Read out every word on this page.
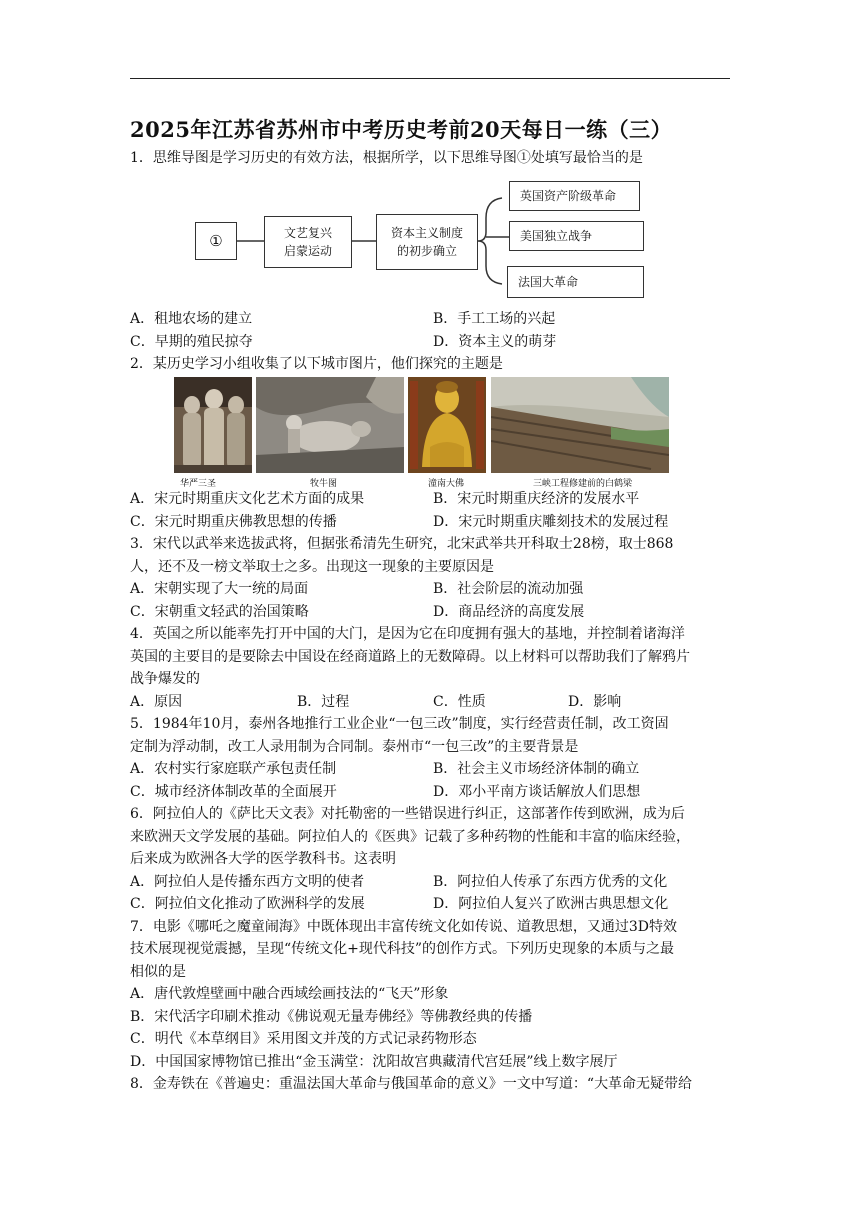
2025年江苏省苏州市中考历史考前20天每日一练（三）
1．思维导图是学习历史的有效方法，根据所学，以下思维导图①处填写最恰当的是
①	文艺复兴
启蒙运动
资本主义制度
的初步确立
英国资产阶级革命
美国独立战争
法国大革命
A．租地农场的建立	B．手工工场的兴起
C．早期的殖民掠夺	D．资本主义的萌芽
2．某历史学习小组收集了以下城市图片，他们探究的主题是
华严三圣	牧牛图	潼南大佛	三峡工程修建前的白鹤梁
A．宋元时期重庆文化艺术方面的成果	B．宋元时期重庆经济的发展水平
C．宋元时期重庆佛教思想的传播	D．宋元时期重庆雕刻技术的发展过程
3．宋代以武举来选拔武将，但据张希清先生研究，北宋武举共开科取士28榜，取士868
人，还不及一榜文举取士之多。出现这一现象的主要原因是
A．宋朝实现了大一统的局面	B．社会阶层的流动加强
C．宋朝重文轻武的治国策略	D．商品经济的高度发展
4．英国之所以能率先打开中国的大门，是因为它在印度拥有强大的基地，并控制着诸海洋
英国的主要目的是要除去中国设在经商道路上的无数障碍。以上材料可以帮助我们了解鸦片
战争爆发的
A．原因	B．过程	C．性质	D．影响
5．1984年10月，泰州各地推行工业企业“一包三改”制度，实行经营责任制，改工资固
定制为浮动制，改工人录用制为合同制。泰州市“一包三改”的主要背景是
A．农村实行家庭联产承包责任制	B．社会主义市场经济体制的确立
C．城市经济体制改革的全面展开	D．邓小平南方谈话解放人们思想
6．阿拉伯人的《萨比天文表》对托勒密的一些错误进行纠正，这部著作传到欧洲，成为后
来欧洲天文学发展的基础。阿拉伯人的《医典》记载了多种药物的性能和丰富的临床经验，
后来成为欧洲各大学的医学教科书。这表明
A．阿拉伯人是传播东西方文明的使者	B．阿拉伯人传承了东西方优秀的文化
C．阿拉伯文化推动了欧洲科学的发展	D．阿拉伯人复兴了欧洲古典思想文化
7．电影《哪吒之魔童闹海》中既体现出丰富传统文化如传说、道教思想，又通过3D特效
技术展现视觉震撼，呈现“传统文化+现代科技”的创作方式。下列历史现象的本质与之最
相似的是
A．唐代敦煌壁画中融合西域绘画技法的“飞天”形象
B．宋代活字印刷术推动《佛说观无量寿佛经》等佛教经典的传播
C．明代《本草纲目》采用图文并茂的方式记录药物形态
D．中国国家博物馆已推出“金玉满堂：沈阳故宫典藏清代宫廷展”线上数字展厅
8．金寿铁在《普遍史：重温法国大革命与俄国革命的意义》一文中写道：“大革命无疑带给
